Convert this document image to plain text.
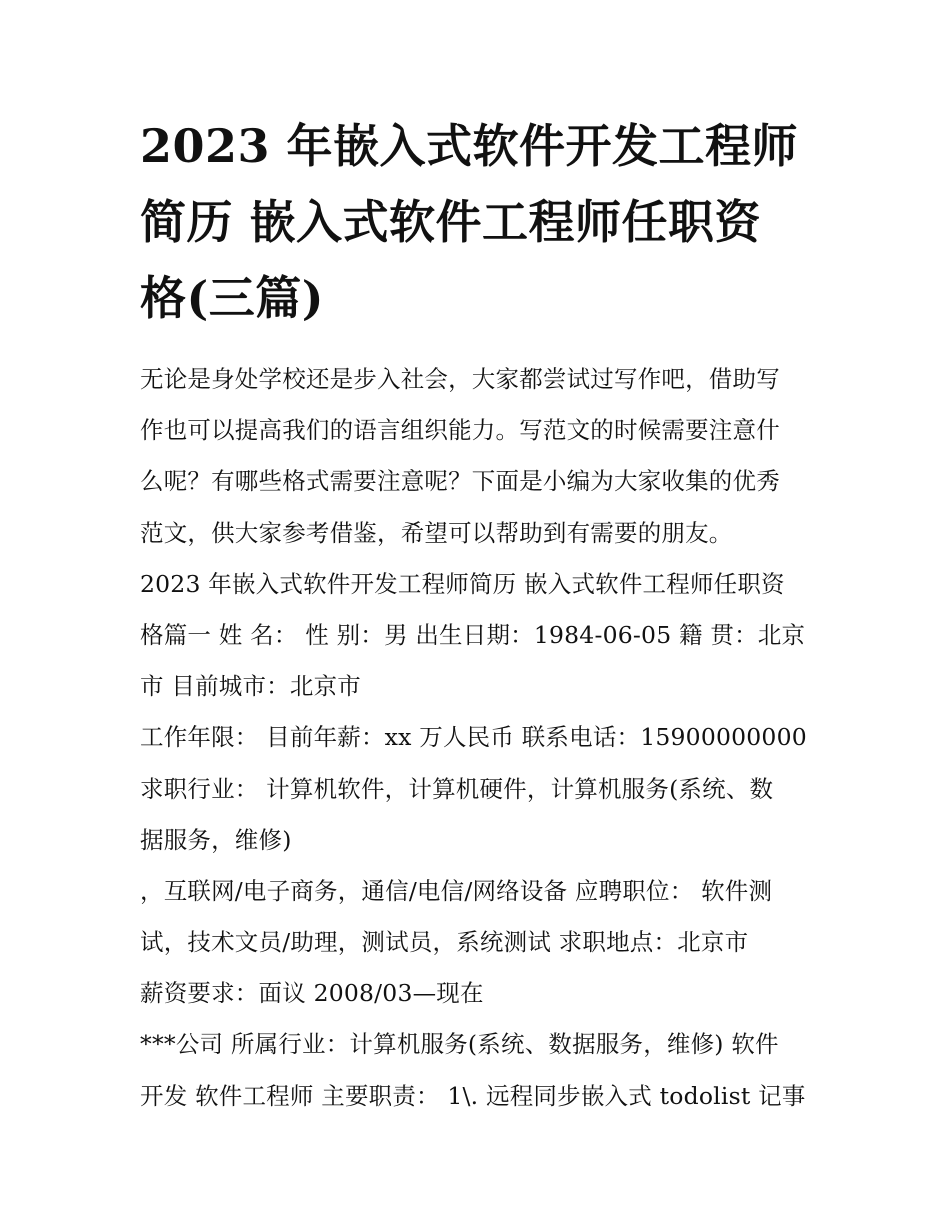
2023 年嵌入式软件开发工程师
简历 嵌入式软件工程师任职资
格(三篇)

无论是身处学校还是步入社会，大家都尝试过写作吧，借助写
作也可以提高我们的语言组织能力。写范文的时候需要注意什
么呢？有哪些格式需要注意呢？下面是小编为大家收集的优秀
范文，供大家参考借鉴，希望可以帮助到有需要的朋友。

2023 年嵌入式软件开发工程师简历 嵌入式软件工程师任职资
格篇一 姓 名： 性 别：男 出生日期：1984-06-05 籍 贯：北京
市 目前城市：北京市

工作年限： 目前年薪：xx 万人民币 联系电话：15900000000
求职行业： 计算机软件，计算机硬件，计算机服务(系统、数
据服务，维修)

，互联网/电子商务，通信/电信/网络设备 应聘职位： 软件测
试，技术文员/助理，测试员，系统测试 求职地点：北京市
薪资要求：面议 2008/03—现在

***公司 所属行业：计算机服务(系统、数据服务，维修) 软件
开发 软件工程师 主要职责： 1\. 远程同步嵌入式 todolist 记事
